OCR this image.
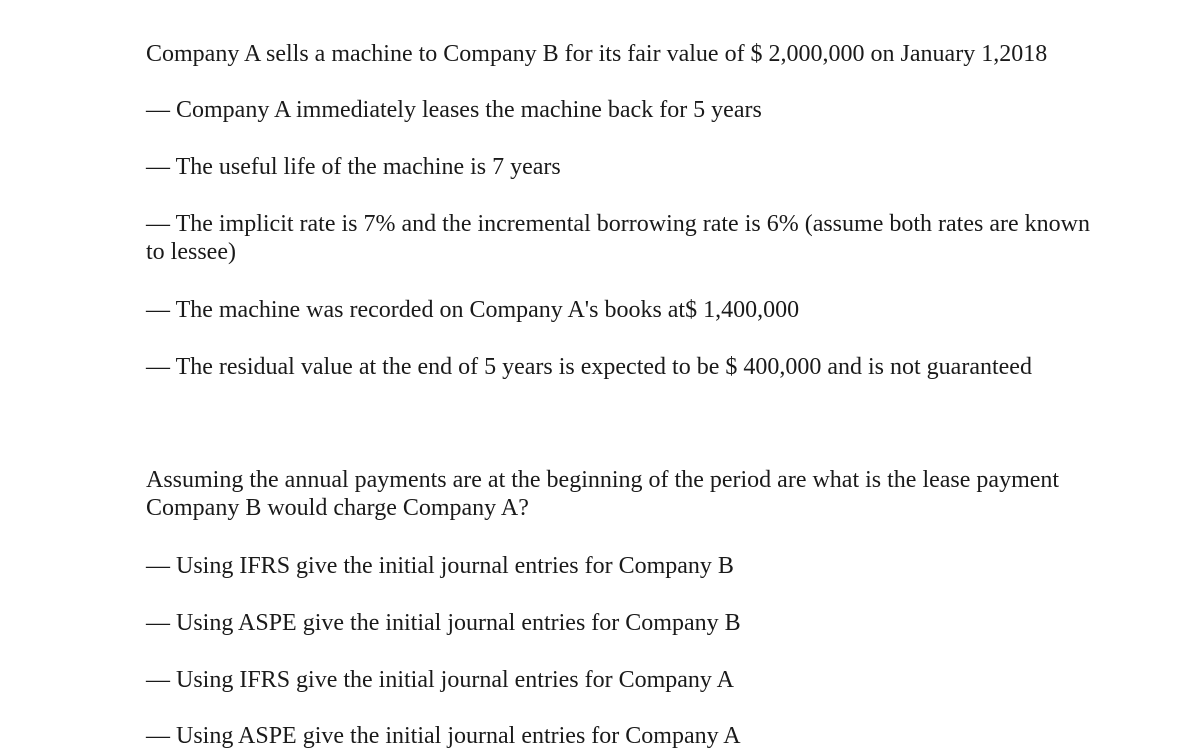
Company A sells a machine to Company B for its fair value of $ 2,000,000 on January 1,2018
— Company A immediately leases the machine back for 5 years
— The useful life of the machine is 7 years
— The implicit rate is 7% and the incremental borrowing rate is 6% (assume both rates are known to lessee)
— The machine was recorded on Company A's books at$ 1,400,000
— The residual value at the end of 5 years is expected to be $ 400,000 and is not guaranteed
Assuming the annual payments are at the beginning of the period are what is the lease payment Company B would charge Company A?
— Using IFRS give the initial journal entries for Company B
— Using ASPE give the initial journal entries for Company B
— Using IFRS give the initial journal entries for Company A
— Using ASPE give the initial journal entries for Company A
